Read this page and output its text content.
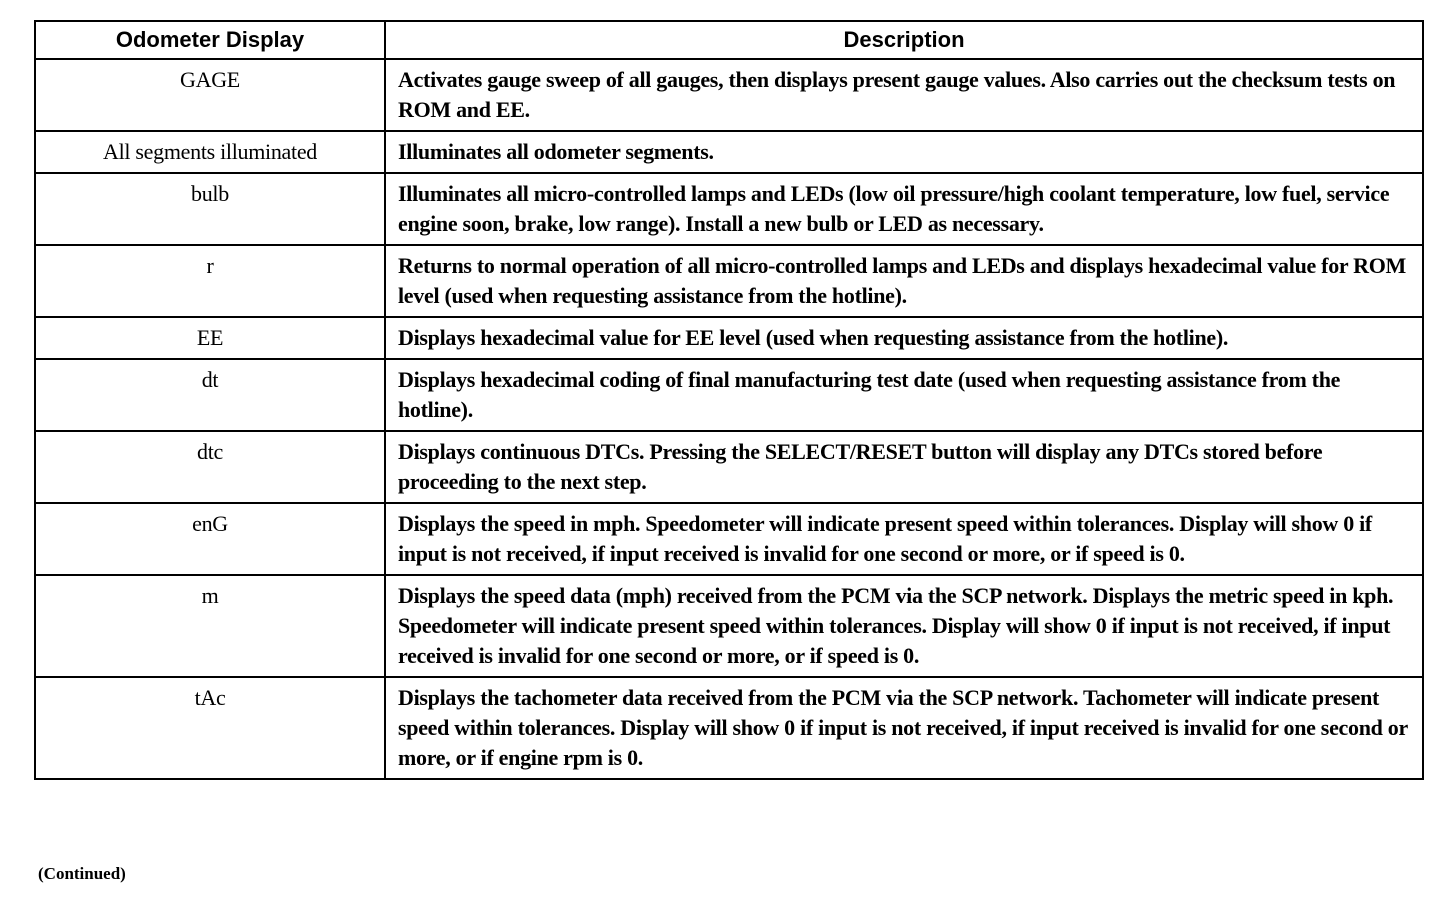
Odometer Display	Description
GAGE	Activates gauge sweep of all gauges, then displays present gauge values. Also carries out the checksum tests on ROM and EE.
All segments illuminated	Illuminates all odometer segments.
bulb	Illuminates all micro-controlled lamps and LEDs (low oil pressure/high coolant temperature, low fuel, service engine soon, brake, low range). Install a new bulb or LED as necessary.
r	Returns to normal operation of all micro-controlled lamps and LEDs and displays hexadecimal value for ROM level (used when requesting assistance from the hotline).
EE	Displays hexadecimal value for EE level (used when requesting assistance from the hotline).
dt	Displays hexadecimal coding of final manufacturing test date (used when requesting assistance from the hotline).
dtc	Displays continuous DTCs. Pressing the SELECT/RESET button will display any DTCs stored before proceeding to the next step.
enG	Displays the speed in mph. Speedometer will indicate present speed within tolerances. Display will show 0 if input is not received, if input received is invalid for one second or more, or if speed is 0.
m	Displays the speed data (mph) received from the PCM via the SCP network. Displays the metric speed in kph. Speedometer will indicate present speed within tolerances. Display will show 0 if input is not received, if input received is invalid for one second or more, or if speed is 0.
tAc	Displays the tachometer data received from the PCM via the SCP network. Tachometer will indicate present speed within tolerances. Display will show 0 if input is not received, if input received is invalid for one second or more, or if engine rpm is 0.
(Continued)
